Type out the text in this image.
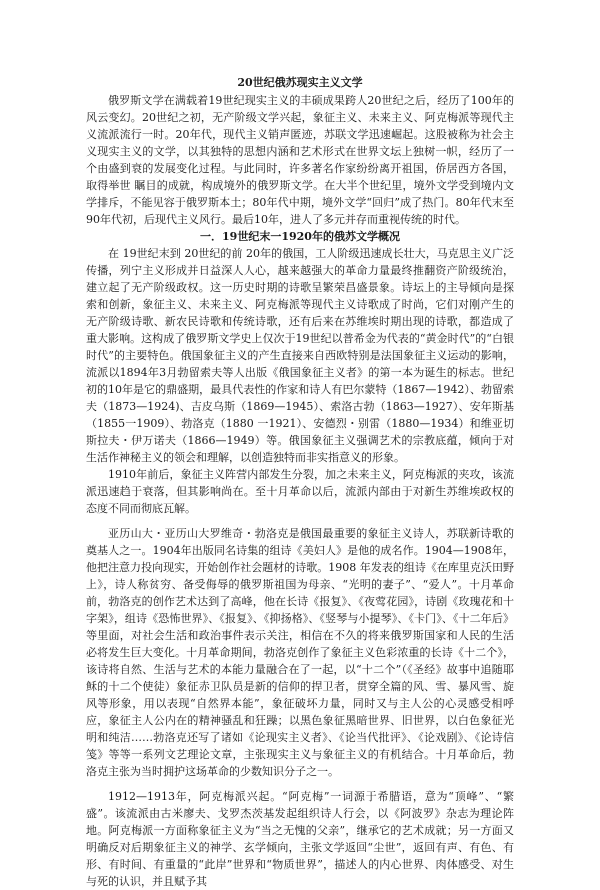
20世纪俄苏现实主义文学

俄罗斯文学在满载着19世纪现实主义的丰硕成果跨人20世纪之后，经历了100年的风云变幻。20世纪之初，无产阶级文学兴起，象征主义、未来主义、阿克梅派等现代主义流派流行一时。20年代，现代主义销声匿迹，苏联文学迅速崛起。这股被称为社会主义现实主义的文学，以其独特的思想内涵和艺术形式在世界文坛上独树一帜，经历了一个由盛到衰的发展变化过程。与此同时，许多著名作家纷纷离开祖国，侨居西方各国，取得举世 瞩目的成就，构成境外的俄罗斯文学。在大半个世纪里，境外文学受到境内文学排斥，不能见容于俄罗斯本土；80年代中期，境外文学“回归”成了热门。80年代末至90年代初，后现代主义风行。最后10年，进人了多元并存而重视传统的时代。

一．19世纪末一1920年的俄苏文学概况

在 19世纪末到 20世纪的前 20年的俄国，工人阶级迅速成长壮大，马克思主义广泛传播，列宁主义形成并日益深人人心，越来越强大的革命力量最终推翻资产阶级统治，建立起了无产阶级政权。这一历史时期的诗歌呈繁荣昌盛景象。诗坛上的主导倾向是探索和创新，象征主义、未来主义、阿克梅派等现代主义诗歌成了时尚，它们对刚产生的无产阶级诗歌、新农民诗歌和传统诗歌，还有后来在苏维埃时期出现的诗歌，都造成了重大影响。这构成了俄罗斯文学史上仅次于19世纪以普希金为代表的“黄金时代”的“白银时代”的主要特色。俄国象征主义的产生直接来自西欧特别是法国象征主义运动的影响，流派以1894年3月勃留索夫等人出版《俄国象征主义者》的第一本为诞生的标志。世纪初的10年是它的鼎盛期，最具代表性的作家和诗人有巴尔蒙特（1867—1942）、勃留索夫（1873—1924)、吉皮乌斯（1869—1945）、索洛古勃（1863—1927）、安年斯基（1855一1909）、勃洛克（1880 一1921）、安德烈・别雷（1880—1934）和维亚切斯拉夫・伊万诺夫（1866—1949）等。俄国象征主义强调艺术的宗教底蕴，倾向于对生活作神秘主义的领会和理解，以创造独特而非实指意义的形象。

1910年前后，象征主义阵营内部发生分裂，加之未来主义，阿克梅派的夹攻，该流派迅速趋于衰落，但其影响尚在。至十月革命以后，流派内部由于对新生苏维埃政权的态度不同而彻底瓦解。

亚历山大・亚历山大罗维奇・勃洛克是俄国最重要的象征主义诗人，苏联新诗歌的奠基人之一。1904年出版同名诗集的组诗《美妇人》是他的成名作。1904—1908年，他把注意力投向现实，开始创作社会题材的诗歌。1908 年发表的组诗《在库里克沃田野上》，诗人称贫穷、备受侮辱的俄罗斯祖国为母亲、“光明的妻子”、“爱人”。十月革命前，勃洛克的创作艺术达到了高峰，他在长诗《报复》、《夜莺花园》，诗剧《玫瑰花和十字架》，组诗《恐怖世界》、《报复》、《抑扬格》、《竖琴与小提琴》、《卡门》、《十二年后》等里面，对社会生活和政治事件表示关注，相信在不久的将来俄罗斯国家和人民的生活必将发生巨大变化。十月革命期间，勃洛克创作了象征主义色彩浓重的长诗《十二个》，该诗将自然、生活与艺术的本能力量融合在了一起，以“十二个”（《圣经》故事中追随耶稣的十二个使徒）象征赤卫队员是新的信仰的捍卫者，贯穿全篇的风、雪、暴风雪、旋风等形象，用以表现“自然界本能”，象征破坏力量，同时又与主人公的心灵感受相呼应，象征主人公内在的精神骚乱和狂躁；以黑色象征黑暗世界、旧世界，以白色象征光明和纯洁……勃洛克还写了诸如《论现实主义者》、《论当代批评》、《论戏剧》、《论诗信笺》等等一系列文艺理论文章，主张现实主义与象征主义的有机结合。十月革命后，勃洛克主张为当时拥护这场革命的少数知识分子之一。

1912—1913年，阿克梅派兴起。“阿克梅”一词源于希腊语，意为“顶峰”、“繁盛”。该流派由古米廖夫、戈罗杰茨基发起组织诗人行会，以《阿波罗》杂志为理论阵地。阿克梅派一方面称象征主义为“当之无愧的父亲”，继承它的艺术成就；另一方面又明确反对后期象征主义的神学、玄学倾向，主张文学返回“尘世”，返回有声、有色、有形、有时间、有重量的“此岸”世界和“物质世界”，描述人的内心世界、肉体感受、对生与死的认识，并且赋予其
